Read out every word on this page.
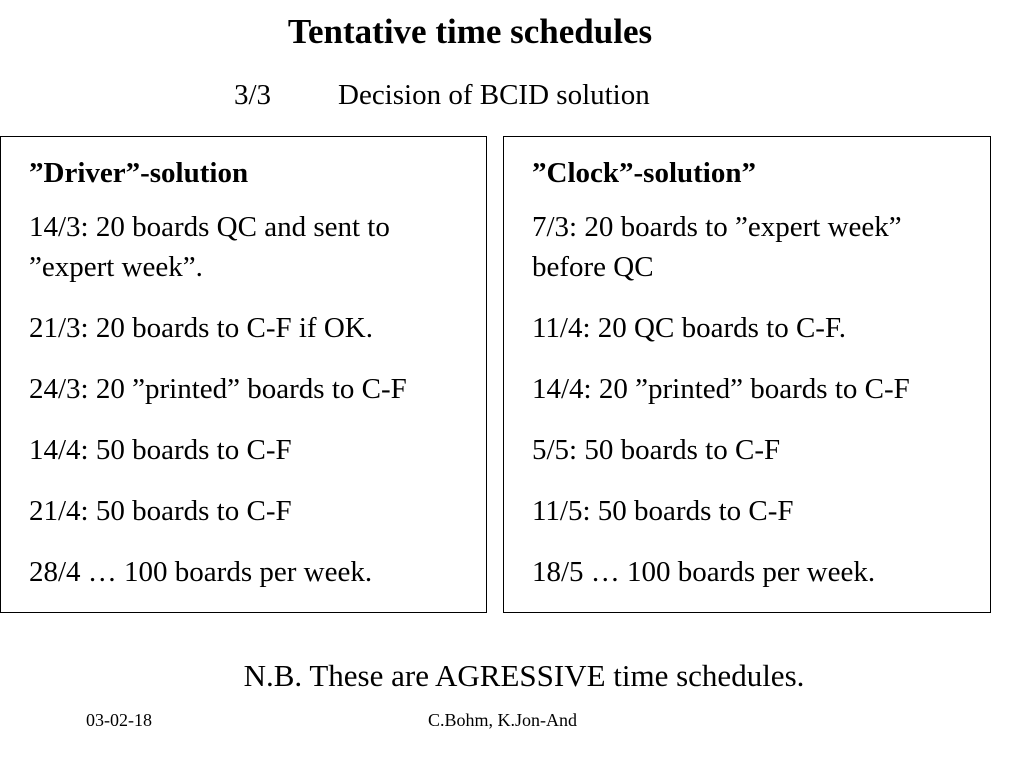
Tentative time schedules
3/3 Decision of BCID solution
”Driver”-solution
14/3: 20 boards QC and sent to
”expert week”.
21/3: 20 boards to C-F if OK.
24/3: 20 ”printed” boards to C-F
14/4: 50 boards to C-F
21/4: 50 boards to C-F
28/4 … 100 boards per week.
”Clock”-solution”
7/3: 20 boards to ”expert week”
before QC
11/4: 20 QC boards to C-F.
14/4: 20 ”printed” boards to C-F
5/5: 50 boards to C-F
11/5: 50 boards to C-F
18/5 … 100 boards per week.
N.B. These are AGRESSIVE time schedules.
03-02-18	C.Bohm, K.Jon-And
